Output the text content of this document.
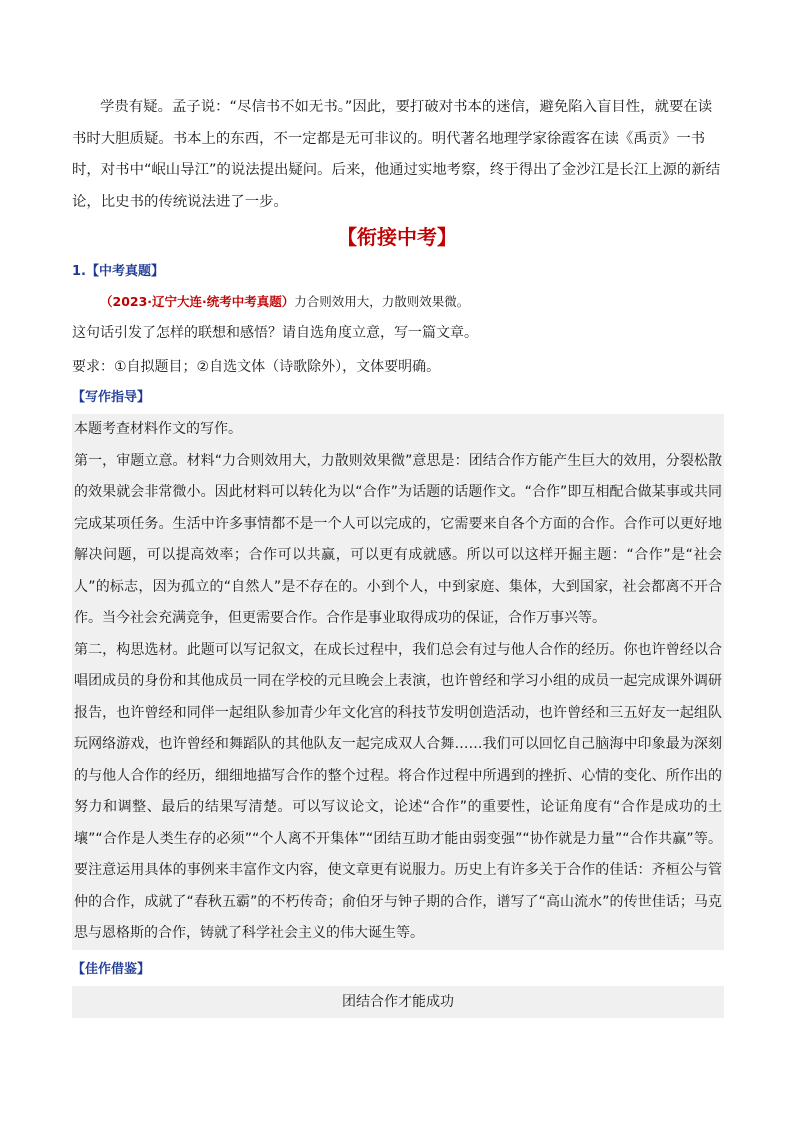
学贵有疑。孟子说：“尽信书不如无书。”因此，要打破对书本的迷信，避免陷入盲目性，就要在读书时大胆质疑。书本上的东西，不一定都是无可非议的。明代著名地理学家徐霞客在读《禹贡》一书时，对书中“岷山导江”的说法提出疑问。后来，他通过实地考察，终于得出了金沙江是长江上源的新结论，比史书的传统说法进了一步。

【衔接中考】
1.【中考真题】
（2023·辽宁大连·统考中考真题）力合则效用大，力散则效果微。
这句话引发了怎样的联想和感悟？请自选角度立意，写一篇文章。
要求：①自拟题目；②自选文体（诗歌除外），文体要明确。
【写作指导】

本题考查材料作文的写作。

第一，审题立意。材料“力合则效用大，力散则效果微”意思是：团结合作方能产生巨大的效用，分裂松散的效果就会非常微小。因此材料可以转化为以“合作”为话题的话题作文。“合作”即互相配合做某事或共同完成某项任务。生活中许多事情都不是一个人可以完成的，它需要来自各个方面的合作。合作可以更好地解决问题，可以提高效率；合作可以共赢，可以更有成就感。所以可以这样开掘主题：“合作”是“社会人”的标志，因为孤立的“自然人”是不存在的。小到个人，中到家庭、集体，大到国家，社会都离不开合作。当今社会充满竞争，但更需要合作。合作是事业取得成功的保证，合作万事兴等。

第二，构思选材。此题可以写记叙文，在成长过程中，我们总会有过与他人合作的经历。你也许曾经以合唱团成员的身份和其他成员一同在学校的元旦晚会上表演，也许曾经和学习小组的成员一起完成课外调研报告，也许曾经和同伴一起组队参加青少年文化宫的科技节发明创造活动，也许曾经和三五好友一起组队玩网络游戏，也许曾经和舞蹈队的其他队友一起完成双人合舞……我们可以回忆自己脑海中印象最为深刻的与他人合作的经历，细细地描写合作的整个过程。将合作过程中所遇到的挫折、心情的变化、所作出的努力和调整、最后的结果写清楚。可以写议论文，论述“合作”的重要性，论证角度有“合作是成功的土壤”“合作是人类生存的必须”“个人离不开集体”“团结互助才能由弱变强”“协作就是力量”“合作共赢”等。要注意运用具体的事例来丰富作文内容，使文章更有说服力。历史上有许多关于合作的佳话：齐桓公与管仲的合作，成就了“春秋五霸”的不朽传奇；俞伯牙与钟子期的合作，谱写了“高山流水”的传世佳话；马克思与恩格斯的合作，铸就了科学社会主义的伟大诞生等。

【佳作借鉴】
团结合作才能成功
